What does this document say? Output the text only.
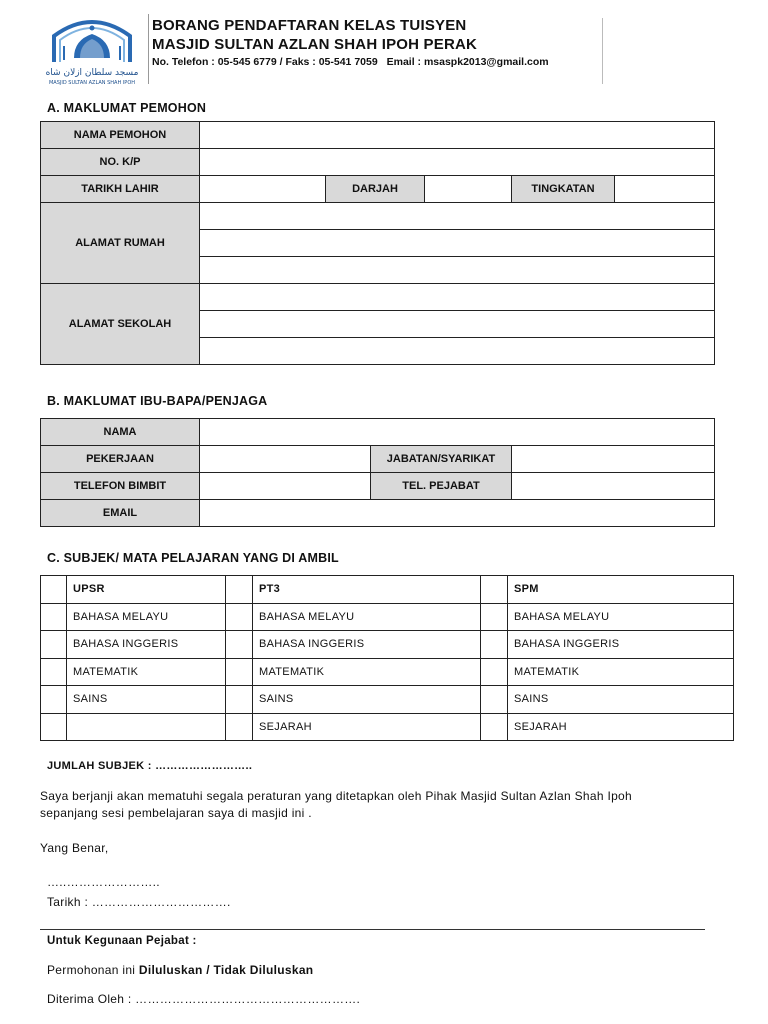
مسجد سلطان ازلان شاه
MASJID SULTAN AZLAN SHAH IPOH
BORANG PENDAFTARAN KELAS TUISYEN
MASJID SULTAN AZLAN SHAH IPOH PERAK
No. Telefon : 05-545 6779 / Faks : 05-541 7059 Email : msaspk2013@gmail.com
A. MAKLUMAT PEMOHON
NAMA PEMOHON					
NO. K/P					
TARIKH LAHIR		DARJAH		TINGKATAN	
ALAMAT RUMAH					

ALAMAT SEKOLAH					

B. MAKLUMAT IBU-BAPA/PENJAGA
NAMA			
PEKERJAAN		JABATAN/SYARIKAT	
TELEFON BIMBIT		TEL. PEJABAT	
EMAIL			
C. SUBJEK/ MATA PELAJARAN YANG DI AMBIL
	UPSR		PT3		SPM
	BAHASA MELAYU		BAHASA MELAYU		BAHASA MELAYU
	BAHASA INGGERIS		BAHASA INGGERIS		BAHASA INGGERIS
	MATEMATIK		MATEMATIK		MATEMATIK
	SAINS		SAINS		SAINS
			SEJARAH		SEJARAH
JUMLAH SUBJEK : ……………………..
Saya berjanji akan mematuhi segala peraturan yang ditetapkan oleh Pihak Masjid Sultan Azlan Shah Ipoh
sepanjang sesi pembelajaran saya di masjid ini .
Yang Benar,
…..…………………..
Tarikh : …………………………….
Untuk Kegunaan Pejabat :
Permohonan ini Diluluskan / Tidak Diluluskan
Diterima Oleh : ……………………………………………….
